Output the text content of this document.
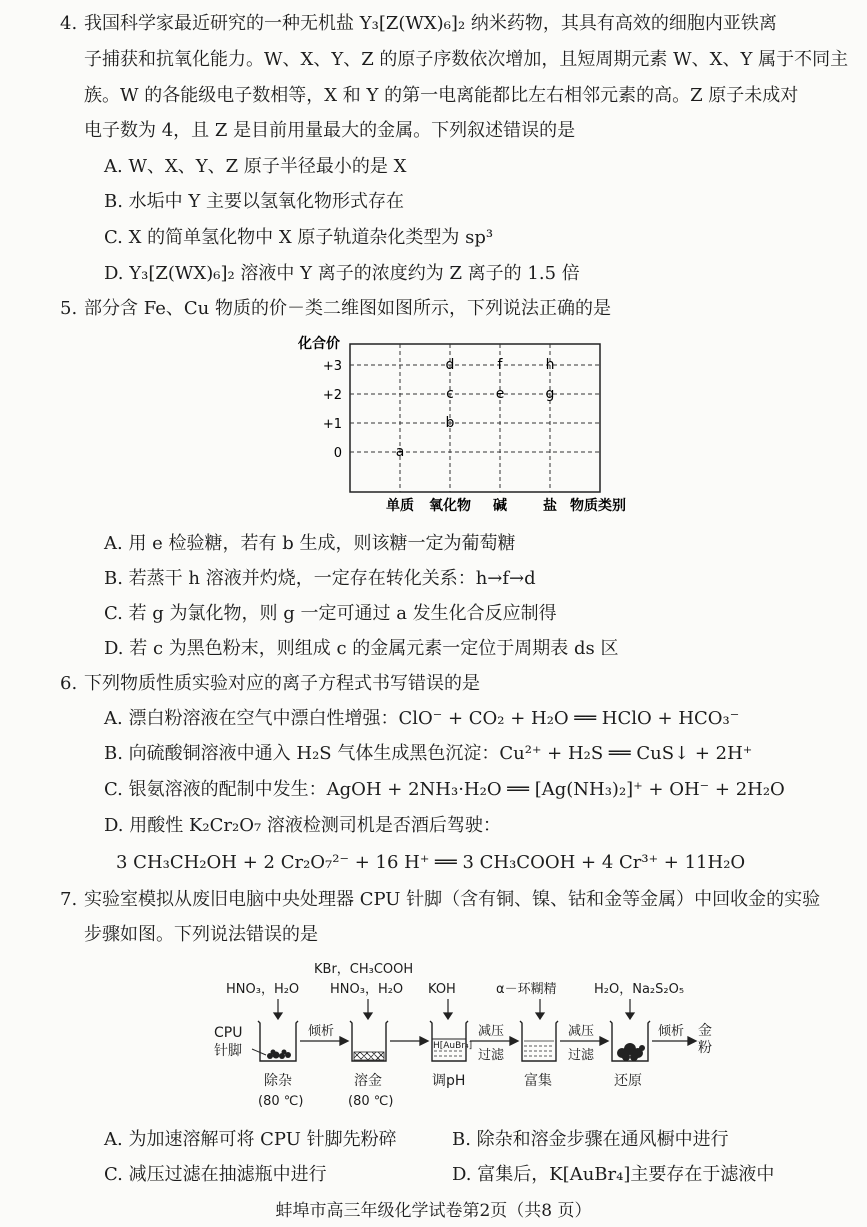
4. 我国科学家最近研究的一种无机盐 Y₃[Z(WX)₆]₂ 纳米药物，其具有高效的细胞内亚铁离
子捕获和抗氧化能力。W、X、Y、Z 的原子序数依次增加，且短周期元素 W、X、Y 属于不同主
族。W 的各能级电子数相等，X 和 Y 的第一电离能都比左右相邻元素的高。Z 原子未成对
电子数为 4，且 Z 是目前用量最大的金属。下列叙述错误的是
A. W、X、Y、Z 原子半径最小的是 X
B. 水垢中 Y 主要以氢氧化物形式存在
C. X 的简单氢化物中 X 原子轨道杂化类型为 sp³
D. Y₃[Z(WX)₆]₂ 溶液中 Y 离子的浓度约为 Z 离子的 1.5 倍
5. 部分含 Fe、Cu 物质的价－类二维图如图所示，下列说法正确的是
化合价
+3
+2
+1
0	a
b
c
d
e
f
g
h
单质 氧化物 碱	盐 物质类别
A. 用 e 检验糖，若有 b 生成，则该糖一定为葡萄糖
B. 若蒸干 h 溶液并灼烧，一定存在转化关系：h→f→d
C. 若 g 为氯化物，则 g 一定可通过 a 发生化合反应制得
D. 若 c 为黑色粉末，则组成 c 的金属元素一定位于周期表 ds 区
6. 下列物质性质实验对应的离子方程式书写错误的是
A. 漂白粉溶液在空气中漂白性增强：ClO⁻ + CO₂ + H₂O ══ HClO + HCO₃⁻
B. 向硫酸铜溶液中通入 H₂S 气体生成黑色沉淀：Cu²⁺ + H₂S ══ CuS↓ + 2H⁺
C. 银氨溶液的配制中发生：AgOH + 2NH₃·H₂O ══ [Ag(NH₃)₂]⁺ + OH⁻ + 2H₂O
D. 用酸性 K₂Cr₂O₇ 溶液检测司机是否酒后驾驶：
3 CH₃CH₂OH + 2 Cr₂O₇²⁻ + 16 H⁺ ══ 3 CH₃COOH + 4 Cr³⁺ + 11H₂O
7. 实验室模拟从废旧电脑中央处理器 CPU 针脚（含有铜、镍、钴和金等金属）中回收金的实验
步骤如图。下列说法错误的是
HNO₃，H₂O
KBr，CH₃COOH
HNO₃，H₂O KOH	α－环糊精	H₂O，Na₂S₂O₅
CPU
针脚	H[AuBr₄]
倾析	减压
过滤
减压
过滤
倾析 金
粉
除杂
(80 ℃)
溶金
(80 ℃)
调pH	富集	还原
A. 为加速溶解可将 CPU 针脚先粉碎	B. 除杂和溶金步骤在通风橱中进行
C. 减压过滤在抽滤瓶中进行	D. 富集后，K[AuBr₄]主要存在于滤液中
蚌埠市高三年级化学试卷第2页（共8 页）
